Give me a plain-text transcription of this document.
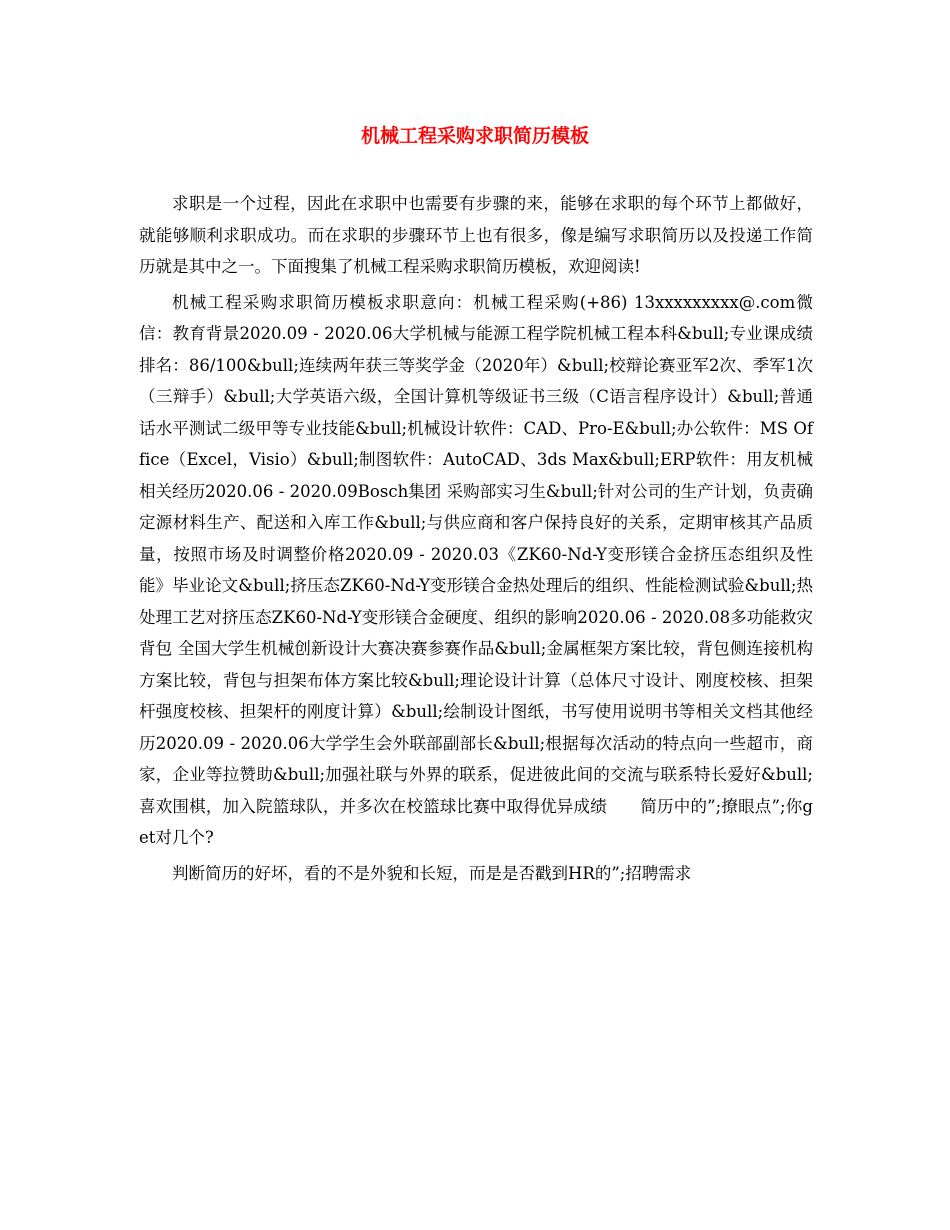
机械工程采购求职简历模板

求职是一个过程，因此在求职中也需要有步骤的来，能够在求职的每个环节上都做好，就能够顺利求职成功。而在求职的步骤环节上也有很多，像是编写求职简历以及投递工作简历就是其中之一。下面搜集了机械工程采购求职简历模板，欢迎阅读!

机械工程采购求职简历模板求职意向：机械工程采购(+86) 13xxxxxxxxx@.com微信：教育背景2020.09 - 2020.06大学机械与能源工程学院机械工程本科&bull;专业课成绩排名：86/100&bull;连续两年获三等奖学金（2020年）&bull;校辩论赛亚军2次、季军1次（三辩手）&bull;大学英语六级，全国计算机等级证书三级（C语言程序设计）&bull;普通话水平测试二级甲等专业技能&bull;机械设计软件：CAD、Pro-E&bull;办公软件：MS Office（Excel，Visio）&bull;制图软件：AutoCAD、3ds Max&bull;ERP软件：用友机械相关经历2020.06 - 2020.09Bosch集团 采购部实习生&bull;针对公司的生产计划，负责确定源材料生产、配送和入库工作&bull;与供应商和客户保持良好的关系，定期审核其产品质量，按照市场及时调整价格2020.09 - 2020.03《ZK60-Nd-Y变形镁合金挤压态组织及性能》毕业论文&bull;挤压态ZK60-Nd-Y变形镁合金热处理后的组织、性能检测试验&bull;热处理工艺对挤压态ZK60-Nd-Y变形镁合金硬度、组织的影响2020.06 - 2020.08多功能救灾背包 全国大学生机械创新设计大赛决赛参赛作品&bull;金属框架方案比较，背包侧连接机构方案比较，背包与担架布体方案比较&bull;理论设计计算（总体尺寸设计、刚度校核、担架杆强度校核、担架杆的刚度计算）&bull;绘制设计图纸，书写使用说明书等相关文档其他经历2020.09 - 2020.06大学学生会外联部副部长&bull;根据每次活动的特点向一些超市，商家，企业等拉赞助&bull;加强社联与外界的联系，促进彼此间的交流与联系特长爱好&bull;喜欢围棋，加入院篮球队，并多次在校篮球比赛中取得优异成绩　　简历中的”;撩眼点”;你get对几个?

判断简历的好坏，看的不是外貌和长短，而是是否戳到HR的”;招聘需求
